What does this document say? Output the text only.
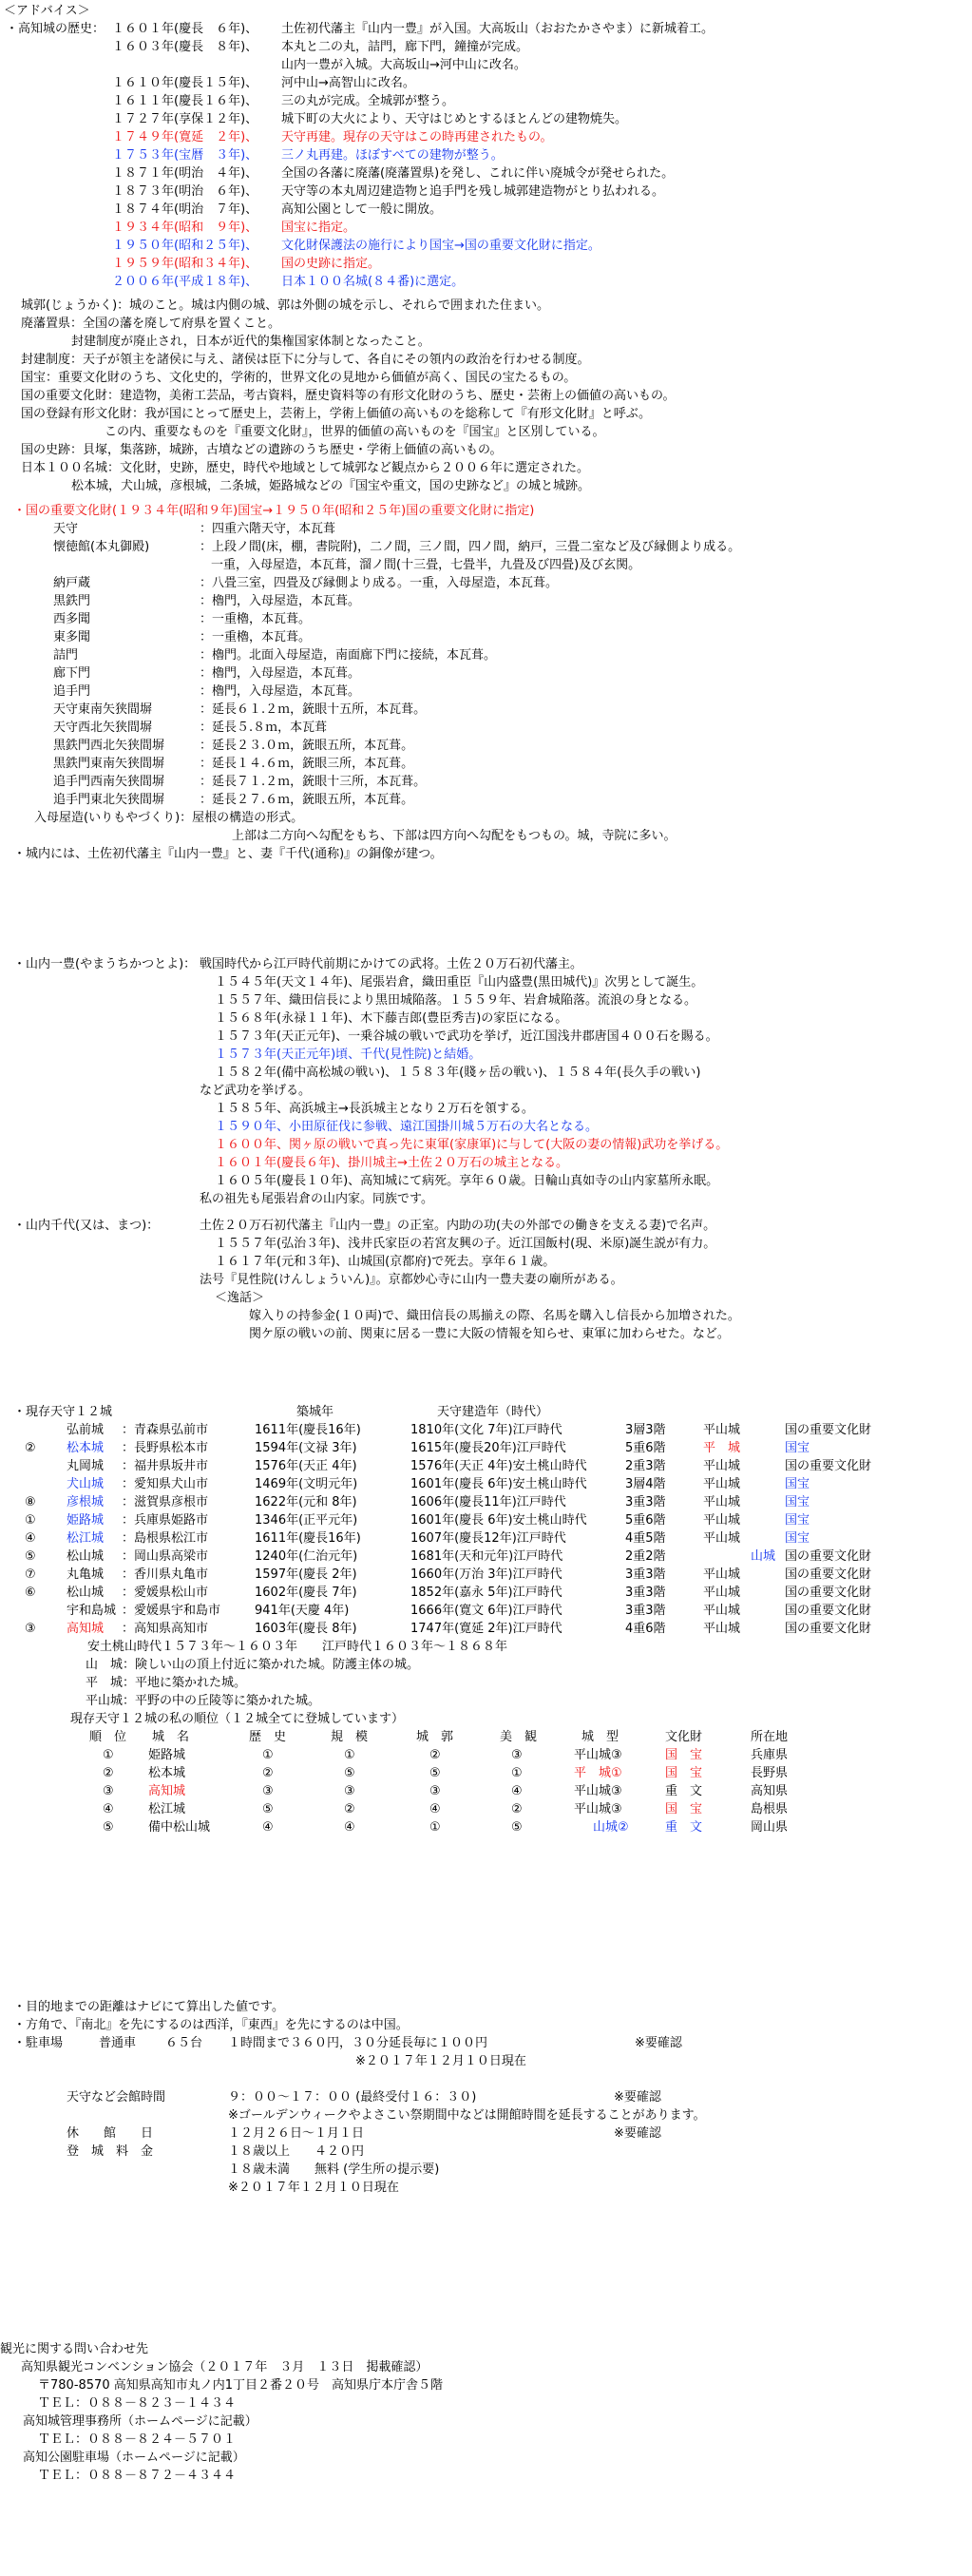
＜アドバイス＞
・高知城の歴史： １６０１年(慶長　６年)、 土佐初代藩主『山内一豊』が入国。大高坂山（おおたかさやま）に新城着工。
１６０３年(慶長　８年)、 本丸と二の丸，詰門，廊下門，鐘撞が完成。
山内一豊が入城。大高坂山→河中山に改名。
１６１０年(慶長１５年)、 河中山→高智山に改名。
１６１１年(慶長１６年)、 三の丸が完成。全城郭が整う。
１７２７年(享保１２年)、 城下町の大火により、天守はじめとするほとんどの建物焼失。
１７４９年(寛延　２年)、 天守再建。現存の天守はこの時再建されたもの。
１７５３年(宝暦　３年)、 三ノ丸再建。ほぼすべての建物が整う。
１８７１年(明治　４年)、 全国の各藩に廃藩(廃藩置県)を発し、これに伴い廃城令が発せられた。
１８７３年(明治　６年)、 天守等の本丸周辺建造物と追手門を残し城郭建造物がとり払われる。
１８７４年(明治　７年)、 高知公園として一般に開放。
１９３４年(昭和　９年)、 国宝に指定。
１９５０年(昭和２５年)、 文化財保護法の施行により国宝→国の重要文化財に指定。
１９５９年(昭和３４年)、 国の史跡に指定。
２００６年(平成１８年)、 日本１００名城(８４番)に選定。
城郭(じょうかく)：城のこと。城は内側の城、郭は外側の城を示し、それらで囲まれた住まい。
廃藩置県：全国の藩を廃して府県を置くこと。
封建制度が廃止され，日本が近代的集権国家体制となったこと。
封建制度：天子が領主を諸侯に与え、諸侯は臣下に分与して、各自にその領内の政治を行わせる制度。
国宝：重要文化財のうち、文化史的，学術的，世界文化の見地から価値が高く、国民の宝たるもの。
国の重要文化財：建造物，美術工芸品，考古資料，歴史資料等の有形文化財のうち、歴史・芸術上の価値の高いもの。
国の登録有形文化財：我が国にとって歴史上，芸術上，学術上価値の高いものを総称して『有形文化財』と呼ぶ。
この内、重要なものを『重要文化財』，世界的価値の高いものを『国宝』と区別している。
国の史跡：貝塚，集落跡，城跡，古墳などの遺跡のうち歴史・学術上価値の高いもの。
日本１００名城：文化財，史跡，歴史，時代や地域として城郭など観点から２００６年に選定された。
松本城，犬山城，彦根城，二条城，姫路城などの『国宝や重文，国の史跡など』の城と城跡。
・国の重要文化財(１９３４年(昭和９年)国宝→１９５０年(昭和２５年)国の重要文化財に指定)
天守	：四重六階天守，本瓦葺
懐徳館(本丸御殿)	：上段ノ間(床，棚，書院附)，二ノ間，三ノ間，四ノ間，納戸，三畳二室など及び縁側より成る。
一重，入母屋造，本瓦葺，溜ノ間(十三畳，七畳半，九畳及び四畳)及び玄関。
納戸蔵	：八畳三室，四畳及び縁側より成る。一重，入母屋造，本瓦葺。
黒鉄門	：櫓門，入母屋造，本瓦葺。
西多聞	：一重櫓，本瓦葺。
東多聞	：一重櫓，本瓦葺。
詰門	：櫓門。北面入母屋造，南面廊下門に接続，本瓦葺。
廊下門	：櫓門，入母屋造，本瓦葺。
追手門	：櫓門，入母屋造，本瓦葺。
天守東南矢狭間塀	：延長６１.２ｍ，銃眼十五所，本瓦葺。
天守西北矢狭間塀	：延長５.８ｍ，本瓦葺
黒鉄門西北矢狭間塀	：延長２３.０ｍ，銃眼五所，本瓦葺。
黒鉄門東南矢狭間塀	：延長１４.６ｍ，銃眼三所，本瓦葺。
追手門西南矢狭間塀	：延長７１.２ｍ，銃眼十三所，本瓦葺。
追手門東北矢狭間塀	：延長２７.６ｍ，銃眼五所，本瓦葺。
入母屋造(いりもやづくり)：屋根の構造の形式。
上部は二方向へ勾配をもち、下部は四方向へ勾配をもつもの。城，寺院に多い。
・城内には、土佐初代藩主『山内一豊』と、妻『千代(通称)』の銅像が建つ。
・山内一豊(やまうちかつとよ)： 戦国時代から江戸時代前期にかけての武将。土佐２０万石初代藩主。
１５４５年(天文１４年)、尾張岩倉，織田重臣『山内盛豊(黒田城代)』次男として誕生。
１５５７年、織田信長により黒田城陥落。１５５９年、岩倉城陥落。流浪の身となる。
１５６８年(永禄１１年)、木下藤吉郎(豊臣秀吉)の家臣になる。
１５７３年(天正元年)、一乗谷城の戦いで武功を挙げ，近江国浅井郡唐国４００石を賜る。
１５７３年(天正元年)頃、千代(見性院)と結婚。
１５８２年(備中高松城の戦い)、１５８３年(賤ヶ岳の戦い)、１５８４年(長久手の戦い)
など武功を挙げる。
１５８５年、高浜城主→長浜城主となり２万石を領する。
１５９０年、小田原征伐に参戦、遠江国掛川城５万石の大名となる。
１６００年、関ヶ原の戦いで真っ先に東軍(家康軍)に与して(大阪の妻の情報)武功を挙げる。
１６０１年(慶長６年)、掛川城主→土佐２０万石の城主となる。
１６０５年(慶長１０年)、高知城にて病死。享年６０歳。日輪山真如寺の山内家墓所永眠。
私の祖先も尾張岩倉の山内家。同族です。
・山内千代(又は、まつ)：	土佐２０万石初代藩主『山内一豊』の正室。内助の功(夫の外部での働きを支える妻)で名声。
１５５７年(弘治３年)、浅井氏家臣の若宮友興の子。近江国飯村(現、米原)誕生説が有力。
１６１７年(元和３年)、山城国(京都府)で死去。享年６１歳。
法号『見性院(けんしょういん)』。京都妙心寺に山内一豊夫妻の廟所がある。
＜逸話＞
嫁入りの持参金(１０両)で、織田信長の馬揃えの際、名馬を購入し信長から加増された。
関ケ原の戦いの前、関東に居る一豊に大阪の情報を知らせ、東軍に加わらせた。など。
・現存天守１２城	築城年	天守建造年（時代）
弘前城 ：青森県弘前市	1611年(慶長16年)	1810年(文化 7年)江戸時代	3層3階	平山城	国の重要文化財
② 松本城 ：長野県松本市	1594年(文禄 3年)	1615年(慶長20年)江戸時代	5重6階	平　城	国宝
丸岡城 ：福井県坂井市	1576年(天正 4年)	1576年(天正 4年)安土桃山時代	2重3階	平山城	国の重要文化財
犬山城 ：愛知県犬山市	1469年(文明元年)	1601年(慶長 6年)安土桃山時代	3層4階	平山城	国宝
⑧ 彦根城 ：滋賀県彦根市	1622年(元和 8年)	1606年(慶長11年)江戸時代	3重3階	平山城	国宝
① 姫路城 ：兵庫県姫路市	1346年(正平元年)	1601年(慶長 6年)安土桃山時代	5重6階	平山城	国宝
④ 松江城 ：島根県松江市	1611年(慶長16年)	1607年(慶長12年)江戸時代	4重5階	平山城	国宝
⑤ 松山城 ：岡山県高梁市	1240年(仁治元年)	1681年(天和元年)江戸時代	2重2階	山城 国の重要文化財
⑦ 丸亀城 ：香川県丸亀市	1597年(慶長 2年)	1660年(万治 3年)江戸時代	3重3階	平山城	国の重要文化財
⑥ 松山城 ：愛媛県松山市	1602年(慶長 7年)	1852年(嘉永 5年)江戸時代	3重3階	平山城	国の重要文化財
宇和島城 ：愛媛県宇和島市	941年(天慶 4年)	1666年(寛文 6年)江戸時代	3重3階	平山城	国の重要文化財
③ 高知城 ：高知県高知市	1603年(慶長 8年)	1747年(寛延 2年)江戸時代	4重6階	平山城	国の重要文化財
安土桃山時代１５７３年～１６０３年　　江戸時代１６０３年～１８６８年
山　城：険しい山の頂上付近に築かれた城。防護主体の城。
平　城：平地に築かれた城。
平山城：平野の中の丘陵等に築かれた城。
現存天守１２城の私の順位（１２城全てに登城しています）
順　位 城　名	歴　史	規　模	城　郭	美　観	城　型	文化財	所在地
①	姫路城	①	①	②	③	平山城③	国　宝	兵庫県
②	松本城	②	⑤	⑤	①	平　城①	国　宝	長野県
③	高知城	③	③	③	④	平山城③	重　文	高知県
④	松江城	⑤	②	④	②	平山城③	国　宝	島根県
⑤	備中松山城	④	④	①	⑤	山城②	重　文	岡山県
・目的地までの距離はナビにて算出した値です。
・方角で、『南北』を先にするのは西洋，『東西』を先にするのは中国。
・駐車場	普通車 ６５台 １時間まで３６０円，３０分延長毎に１００円	※要確認
※２０１７年１２月１０日現在
天守など会館時間	９：００～１７：００ (最終受付１６：３０)	※要確認
※ゴールデンウィークやよさこい祭期間中などは開館時間を延長することがあります。
休　　館　　日	１２月２６日～１月１日	※要確認
登　城　料　金	１８歳以上　　４２０円
１８歳未満　　無料 (学生所の提示要)
※２０１７年１２月１０日現在
観光に関する問い合わせ先
高知県観光コンベンション協会（２０１７年　３月　１３日　掲載確認）
〒780-8570 高知県高知市丸ノ内1丁目２番２０号　高知県庁本庁舎５階
ＴＥＬ：０８８－８２３－１４３４
高知城管理事務所（ホームページに記載）
ＴＥＬ：０８８－８２４－５７０１
高知公園駐車場（ホームページに記載）
ＴＥＬ：０８８－８７２－４３４４
